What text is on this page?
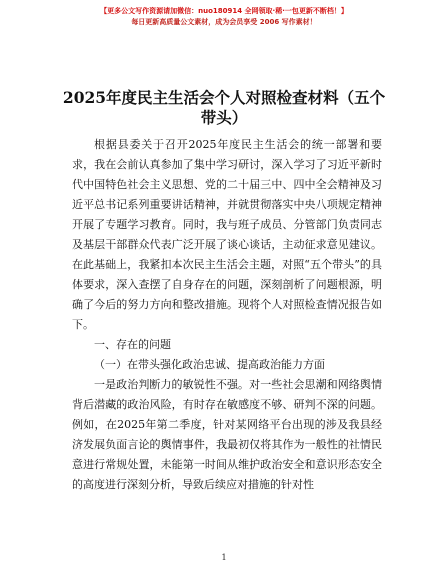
【更多公文写作资源请加微信：nuo180914 全网领取·稀·一包更新不断档！】
每日更新高质量公文素材，成为会员享受 2006 写作素材！
2025年度民主生活会个人对照检查材料（五个带头）

根据县委关于召开2025年度民主生活会的统一部署和要求，我在会前认真参加了集中学习研讨，深入学习了习近平新时代中国特色社会主义思想、党的二十届三中、四中全会精神及习近平总书记系列重要讲话精神，并就贯彻落实中央八项规定精神开展了专题学习教育。同时，我与班子成员、分管部门负责同志及基层干部群众代表广泛开展了谈心谈话，主动征求意见建议。在此基础上，我紧扣本次民主生活会主题，对照“五个带头”的具体要求，深入查摆了自身存在的问题，深刻剖析了问题根源，明确了今后的努力方向和整改措施。现将个人对照检查情况报告如下。

一、存在的问题

（一）在带头强化政治忠诚、提高政治能力方面

一是政治判断力的敏锐性不强。对一些社会思潮和网络舆情背后潜藏的政治风险，有时存在敏感度不够、研判不深的问题。例如，在2025年第二季度，针对某网络平台出现的涉及我县经济发展负面言论的舆情事件，我最初仅将其作为一般性的社情民意进行常规处置，未能第一时间从维护政治安全和意识形态安全的高度进行深刻分析，导致后续应对措施的针对性

1
